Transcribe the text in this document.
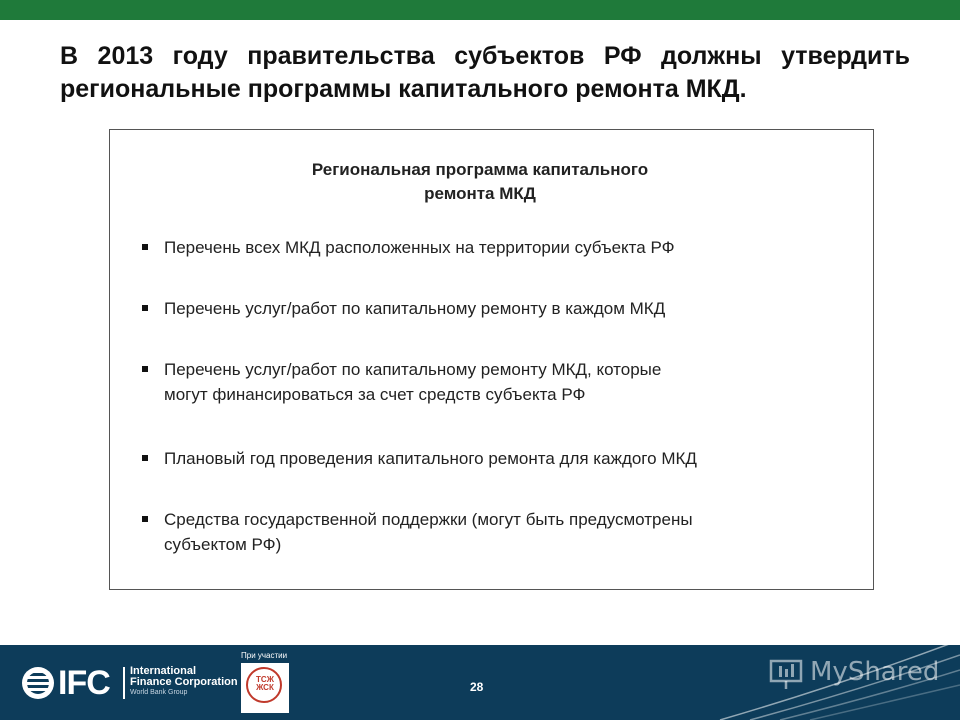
В 2013 году правительства субъектов РФ должны утвердить
региональные программы капитального ремонта МКД.
Региональная программа капитального
ремонта МКД
Перечень всех МКД расположенных на территории субъекта РФ
Перечень услуг/работ по капитальному ремонту в каждом МКД
Перечень услуг/работ по капитальному ремонту МКД, которые
могут финансироваться за счет средств субъекта РФ
Плановый год проведения капитального ремонта для каждого МКД
Средства государственной поддержки (могут быть предусмотрены
субъектом РФ)
IFC International
Finance Corporation
World Bank Group
При участии
ТСЖ
ЖСК	28	MyShared
